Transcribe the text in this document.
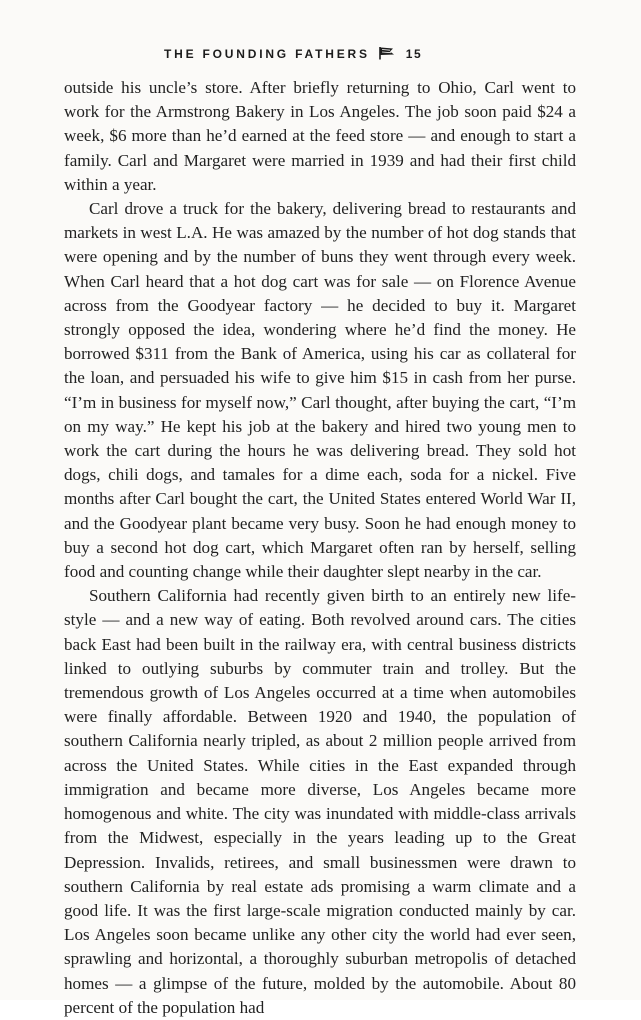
THE FOUNDING FATHERS	15

outside his uncle’s store. After briefly returning to Ohio, Carl went to work for the Armstrong Bakery in Los Angeles. The job soon paid $24 a week, $6 more than he’d earned at the feed store — and enough to start a family. Carl and Margaret were married in 1939 and had their first child within a year.

Carl drove a truck for the bakery, delivering bread to restaurants and markets in west L.A. He was amazed by the number of hot dog stands that were opening and by the number of buns they went through every week. When Carl heard that a hot dog cart was for sale — on Florence Avenue across from the Goodyear factory — he decided to buy it. Margaret strongly opposed the idea, wondering where he’d find the money. He borrowed $311 from the Bank of America, using his car as collateral for the loan, and persuaded his wife to give him $15 in cash from her purse. “I’m in business for myself now,” Carl thought, after buying the cart, “I’m on my way.” He kept his job at the bakery and hired two young men to work the cart during the hours he was delivering bread. They sold hot dogs, chili dogs, and tamales for a dime each, soda for a nickel. Five months after Carl bought the cart, the United States entered World War II, and the Goodyear plant became very busy. Soon he had enough money to buy a second hot dog cart, which Margaret often ran by herself, selling food and counting change while their daughter slept nearby in the car.

Southern California had recently given birth to an entirely new lifestyle — and a new way of eating. Both revolved around cars. The cities back East had been built in the railway era, with central business districts linked to outlying suburbs by commuter train and trolley. But the tremendous growth of Los Angeles occurred at a time when automobiles were finally affordable. Between 1920 and 1940, the population of southern California nearly tripled, as about 2 million people arrived from across the United States. While cities in the East expanded through immigration and became more diverse, Los Angeles became more homogenous and white. The city was inundated with middle-class arrivals from the Midwest, especially in the years leading up to the Great Depression. Invalids, retirees, and small businessmen were drawn to southern California by real estate ads promising a warm climate and a good life. It was the first large-scale migration conducted mainly by car. Los Angeles soon became unlike any other city the world had ever seen, sprawling and horizontal, a thoroughly suburban metropolis of detached homes — a glimpse of the future, molded by the automobile. About 80 percent of the population had
